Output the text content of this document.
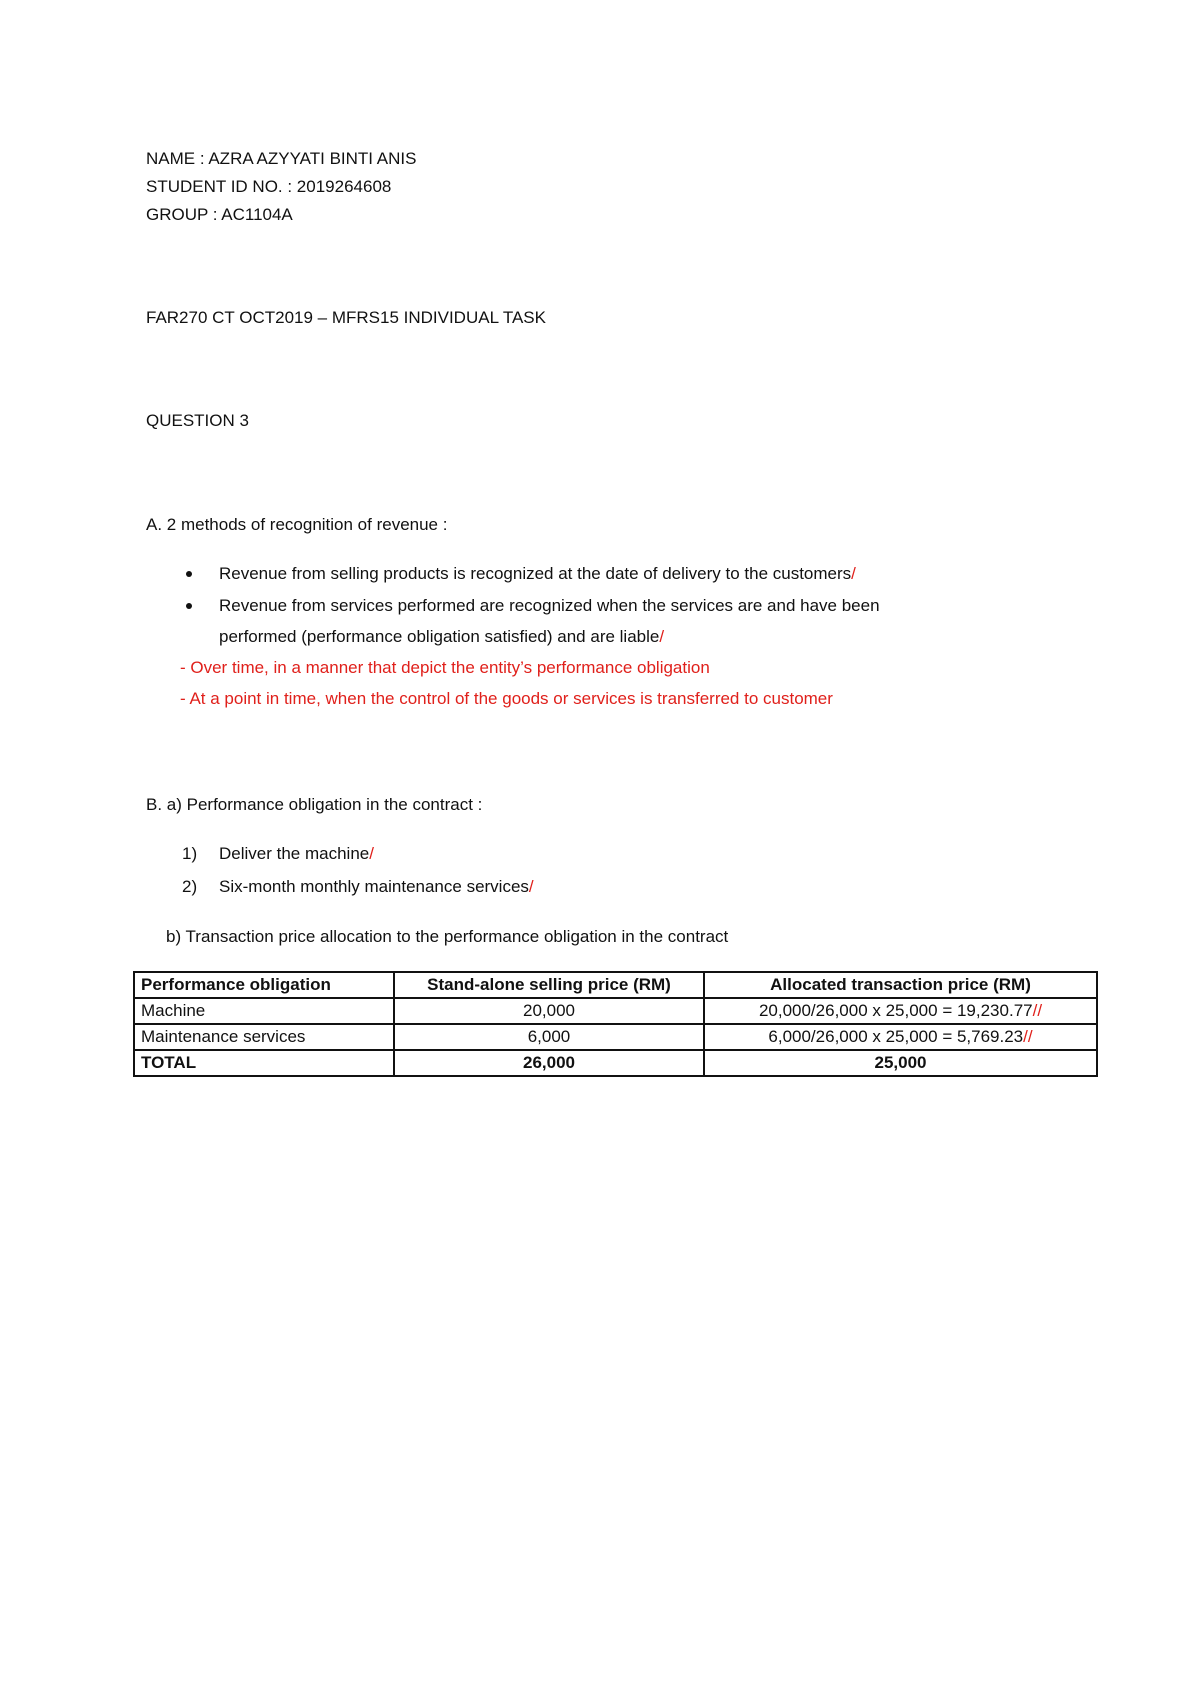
NAME : AZRA AZYYATI BINTI ANIS
STUDENT ID NO. : 2019264608
GROUP : AC1104A
FAR270 CT OCT2019 – MFRS15 INDIVIDUAL TASK
QUESTION 3
A. 2 methods of recognition of revenue :
Revenue from selling products is recognized at the date of delivery to the customers/
Revenue from services performed are recognized when the services are and have been
performed (performance obligation satisfied) and are liable/
- Over time, in a manner that depict the entity’s performance obligation
- At a point in time, when the control of the goods or services is transferred to customer
B. a) Performance obligation in the contract :
1) Deliver the machine/
2) Six-month monthly maintenance services/
b) Transaction price allocation to the performance obligation in the contract
Performance obligation	Stand-alone selling price (RM)	Allocated transaction price (RM)
Machine	20,000	20,000/26,000 x 25,000 = 19,230.77//
Maintenance services	6,000	6,000/26,000 x 25,000 = 5,769.23//
TOTAL	26,000	25,000
